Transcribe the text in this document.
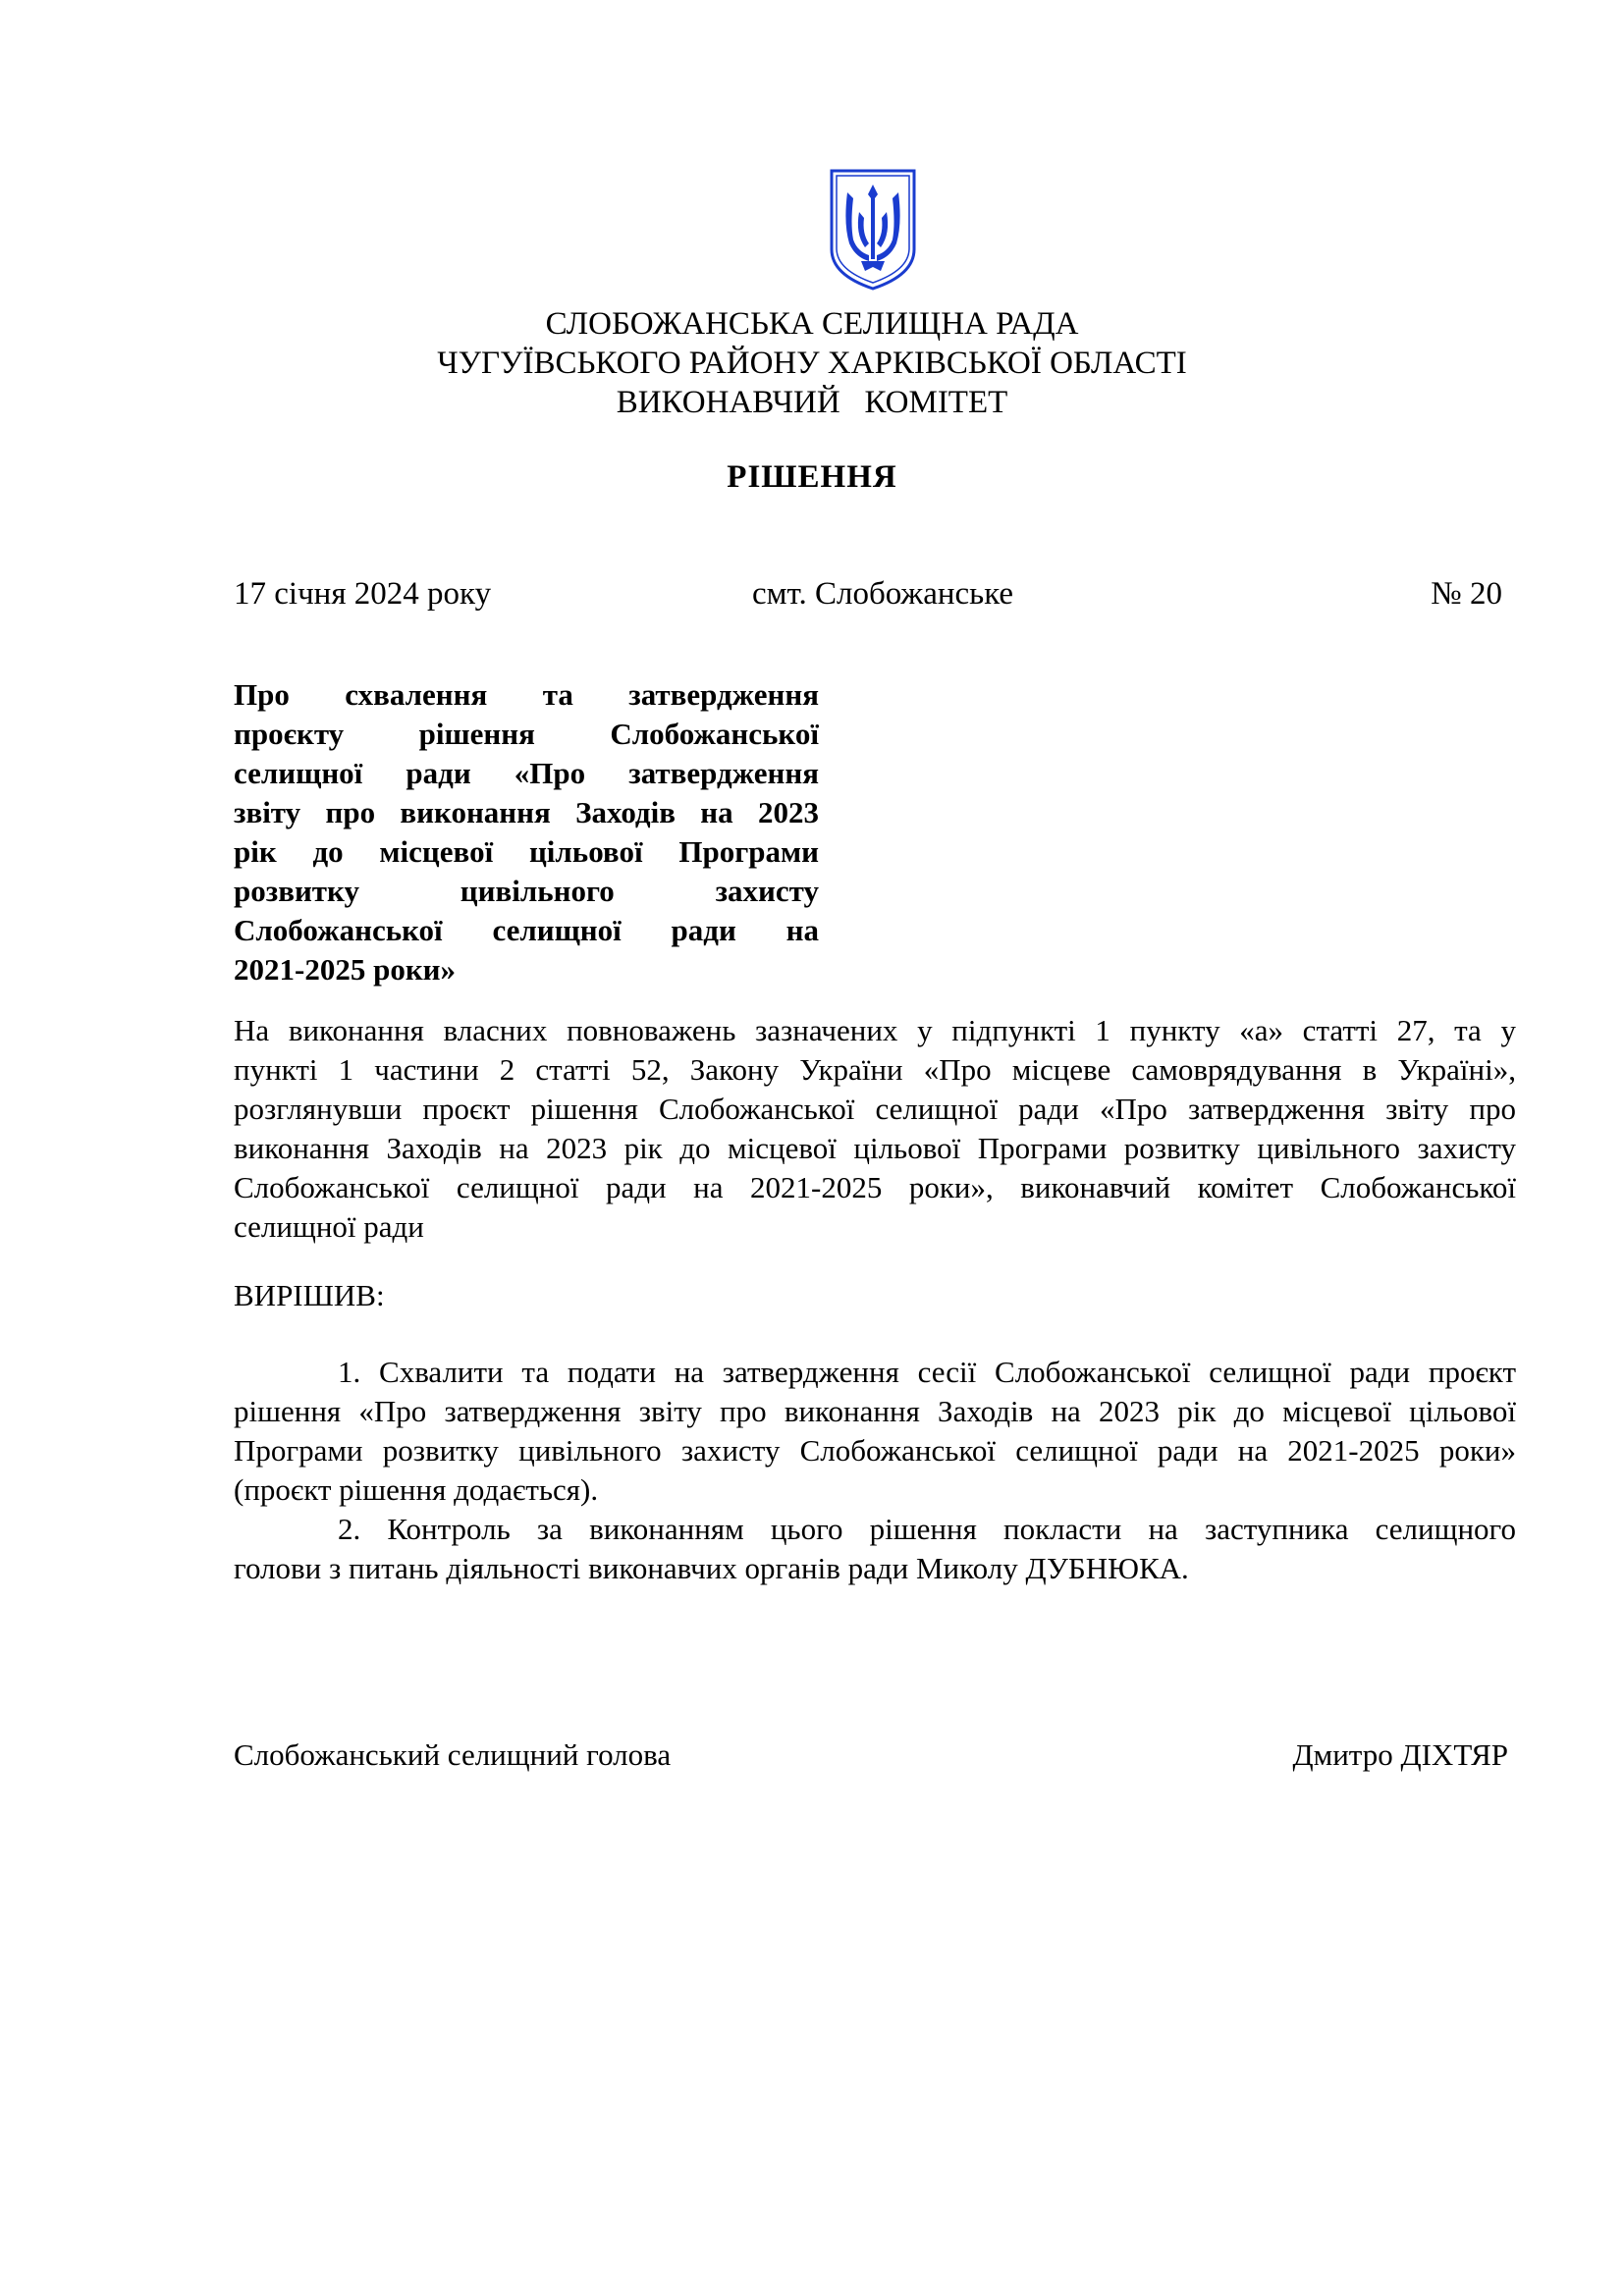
СЛОБОЖАНСЬКА СЕЛИЩНА РАДА
ЧУГУЇВСЬКОГО РАЙОНУ ХАРКІВСЬКОЇ ОБЛАСТІ
ВИКОНАВЧИЙ   КОМІТЕТ
РІШЕННЯ
17 січня 2024 року	смт. Слобожанське	№ 20
Про схвалення та затвердження
проєкту рішення Слобожанської
селищної ради «Про затвердження
звіту про виконання Заходів на 2023
рік до місцевої цільової Програми
розвитку цивільного захисту
Слобожанської селищної ради на
2021-2025 роки»
На виконання власних повноважень зазначених у підпункті 1 пункту «а» статті 27, та у
пункті 1 частини 2 статті 52, Закону України «Про місцеве самоврядування в Україні»,
розглянувши проєкт рішення Слобожанської селищної ради «Про затвердження звіту про
виконання Заходів на 2023 рік до місцевої цільової Програми розвитку цивільного захисту
Слобожанської селищної ради на 2021-2025 роки», виконавчий комітет Слобожанської
селищної ради
ВИРІШИВ:
1. Схвалити та подати на затвердження сесії Слобожанської селищної ради проєкт
рішення «Про затвердження звіту про виконання Заходів на 2023 рік до місцевої цільової
Програми розвитку цивільного захисту Слобожанської селищної ради на 2021-2025 роки»
(проєкт рішення додається).
2. Контроль за виконанням цього рішення покласти на заступника селищного
голови з питань діяльності виконавчих органів ради Миколу ДУБНЮКА.
Слобожанський селищний голова	Дмитро ДІХТЯР
